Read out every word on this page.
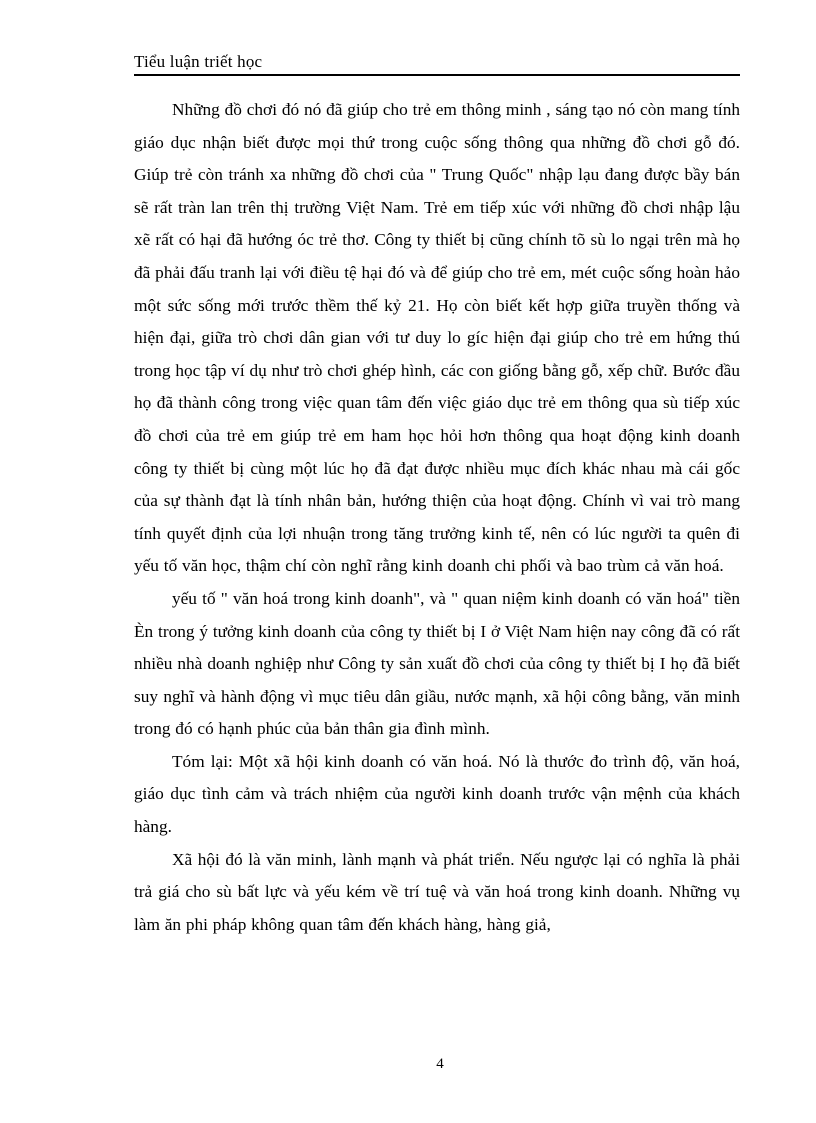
Tiểu luận triết học

Những đồ chơi đó nó đã giúp cho trẻ em thông minh , sáng tạo nó còn mang tính giáo dục nhận biết được mọi thứ trong cuộc sống thông qua những đồ chơi gỗ đó. Giúp trẻ còn tránh xa những đồ chơi của " Trung Quốc" nhập lạu đang được bầy bán sẽ rất tràn lan trên thị trường Việt Nam. Trẻ em tiếp xúc với những đồ chơi nhập lậu xẽ rất có hại đã hướng óc trẻ thơ. Công ty thiết bị cũng chính tõ sù lo ngại trên mà họ đã phải đấu tranh lại với điều tệ hại đó và để giúp cho trẻ em, mét cuộc sống hoàn hảo một sức sống mới trước thềm thế kỷ 21. Họ còn biết kết hợp giữa truyền thống và hiện đại, giữa trò chơi dân gian với tư duy lo gíc hiện đại giúp cho trẻ em hứng thú trong học tập ví dụ như trò chơi ghép hình, các con giống bằng gỗ, xếp chữ. Bước đầu họ đã thành công trong việc quan tâm đến việc giáo dục trẻ em thông qua sù tiếp xúc đồ chơi của trẻ em giúp trẻ em ham học hỏi hơn thông qua hoạt động kinh doanh công ty thiết bị cùng một lúc họ đã đạt được nhiều mục đích khác nhau mà cái gốc của sự thành đạt là tính nhân bản, hướng thiện của hoạt động. Chính vì vai trò mang tính quyết định của lợi nhuận trong tăng trưởng kinh tế, nên có lúc người ta quên đi yếu tố văn học, thậm chí còn nghĩ rằng kinh doanh chi phối và bao trùm cả văn hoá.

yếu tố " văn hoá trong kinh doanh", và " quan niệm kinh doanh có văn hoá" tiền Èn trong ý tưởng kinh doanh của công ty thiết bị I ở Việt Nam hiện nay công đã có rất nhiều nhà doanh nghiệp như Công ty sản xuất đồ chơi của công ty thiết bị I họ đã biết suy nghĩ và hành động vì mục tiêu dân giầu, nước mạnh, xã hội công bằng, văn minh trong đó có hạnh phúc của bản thân gia đình mình.

Tóm lại: Một xã hội kinh doanh có văn hoá. Nó là thước đo trình độ, văn hoá, giáo dục tình cảm và trách nhiệm của người kinh doanh trước vận mệnh của khách hàng.

Xã hội đó là văn minh, lành mạnh và phát triển. Nếu ngược lại có nghĩa là phải trả giá cho sù bất lực và yếu kém về trí tuệ và văn hoá trong kinh doanh. Những vụ làm ăn phi pháp không quan tâm đến khách hàng, hàng giả,

4
